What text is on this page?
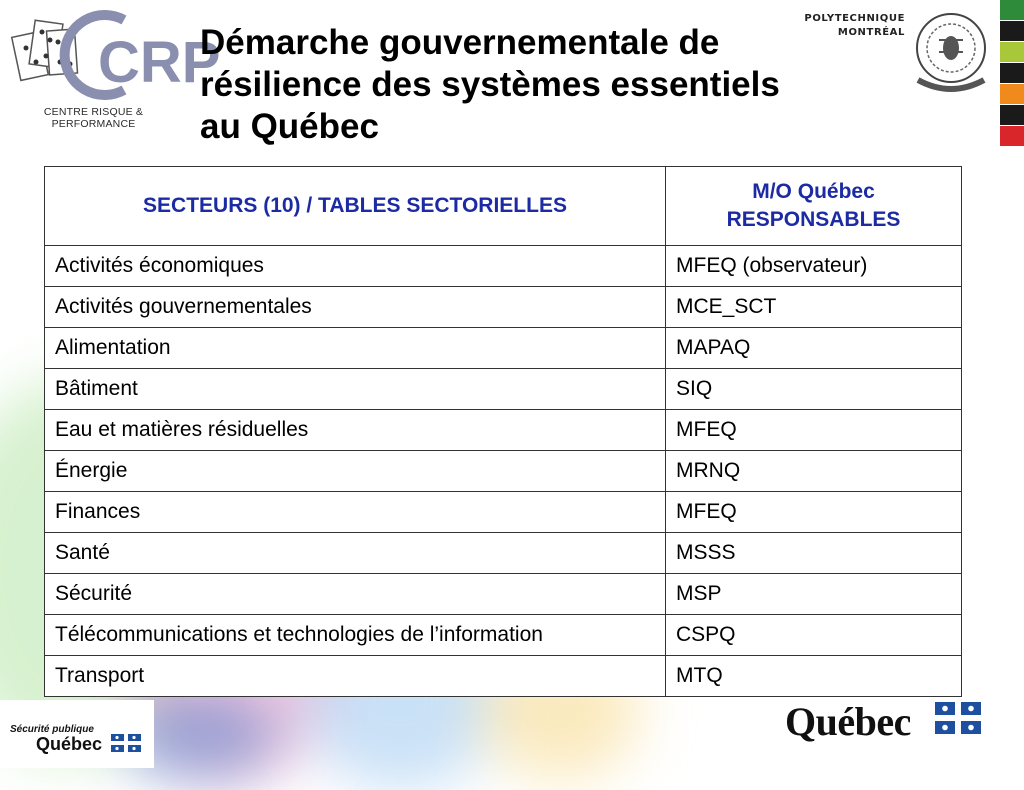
CRP
CENTRE RISQUE & PERFORMANCE
Démarche gouvernementale de
résilience des systèmes essentiels
au Québec
POLYTECHNIQUE
MONTRÉAL
SECTEURS (10) / TABLES SECTORIELLES	M/O Québec RESPONSABLES
Activités économiques	MFEQ (observateur)
Activités gouvernementales	MCE_SCT
Alimentation	MAPAQ
Bâtiment	SIQ
Eau et matières résiduelles	MFEQ
Énergie	MRNQ
Finances	MFEQ
Santé	MSSS
Sécurité	MSP
Télécommunications et technologies de l’information	CSPQ
Transport	MTQ
Sécurité publique
Québec	Québec
